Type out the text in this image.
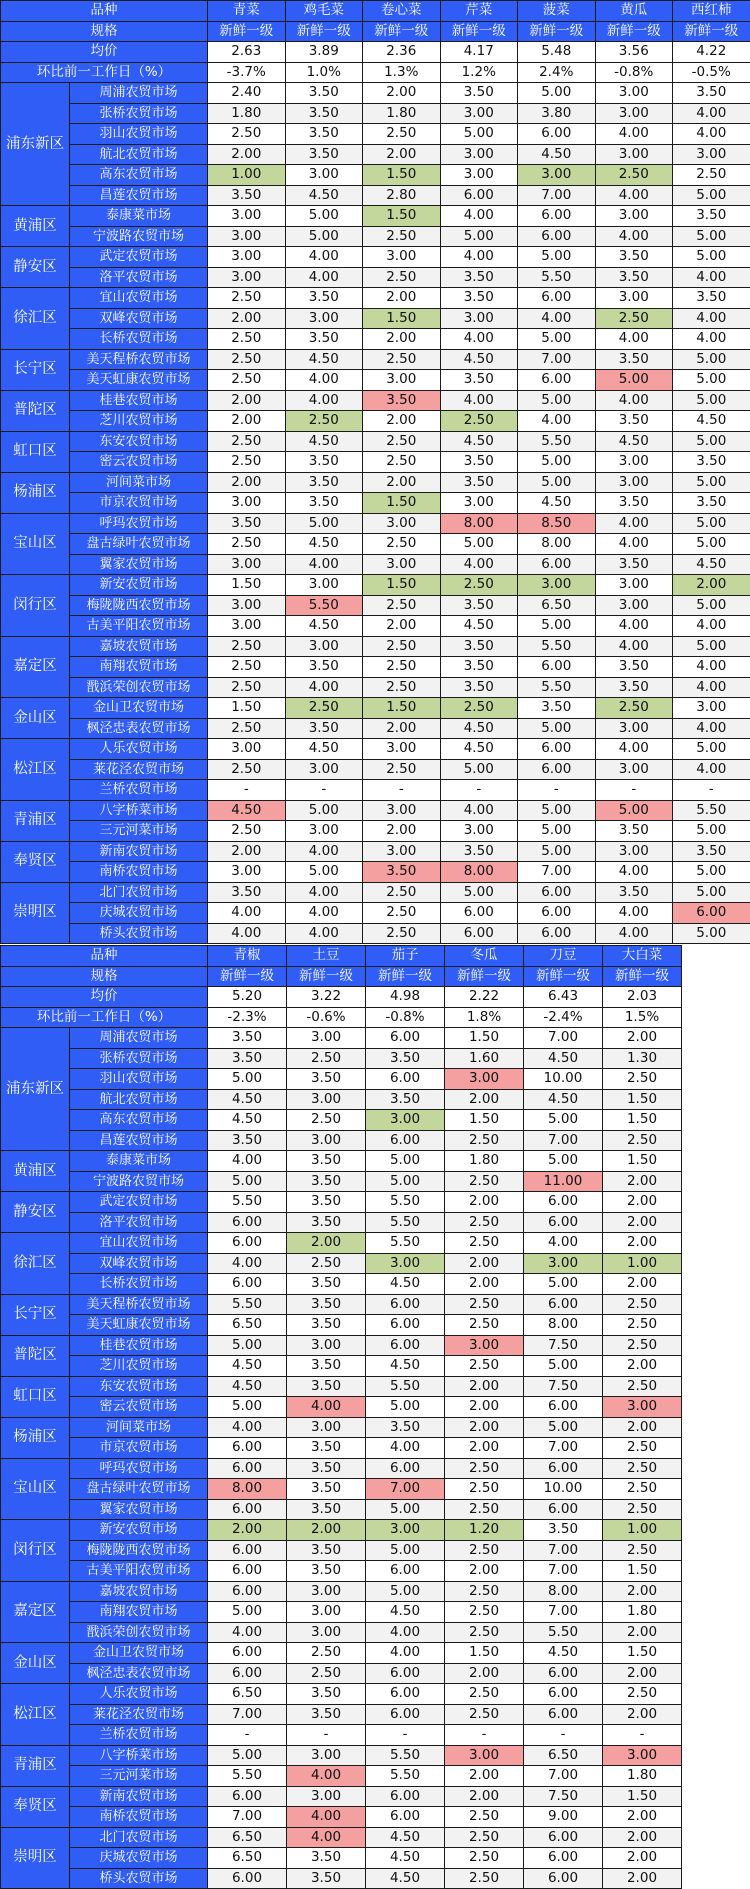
品种		青菜	鸡毛菜	卷心菜	芹菜	菠菜	黄瓜	西红柿
规格		新鲜一级	新鲜一级	新鲜一级	新鲜一级	新鲜一级	新鲜一级	新鲜一级
均价		2.63	3.89	2.36	4.17	5.48	3.56	4.22
环比前一工作日（%）		-3.7%	1.0%	1.3%	1.2%	2.4%	-0.8%	-0.5%
浦东新区	周浦农贸市场	2.40	3.50	2.00	3.50	5.00	3.00	3.50
	张桥农贸市场	1.80	3.50	1.80	3.00	3.80	3.00	4.00
	羽山农贸市场	2.50	3.50	2.50	5.00	6.00	4.00	4.00
	航北农贸市场	2.00	3.50	2.00	3.00	4.50	3.00	3.00
	高东农贸市场	1.00	3.00	1.50	3.00	3.00	2.50	2.50
	昌莲农贸市场	3.50	4.50	2.80	6.00	7.00	4.00	5.00
黄浦区	泰康菜市场	3.00	5.00	1.50	4.00	6.00	3.00	3.50
	宁波路农贸市场	3.00	5.00	2.50	5.00	6.00	4.00	5.00
静安区	武定农贸市场	3.00	4.00	3.00	4.00	5.00	3.50	5.00
	洛平农贸市场	3.00	4.00	2.50	3.50	5.50	3.50	4.00
徐汇区	宜山农贸市场	2.50	3.50	2.00	3.50	6.00	3.00	3.50
	双峰农贸市场	2.00	3.00	1.50	3.00	4.00	2.50	4.00
	长桥农贸市场	2.50	3.50	2.00	4.00	5.00	4.00	4.00
长宁区	美天程桥农贸市场	2.50	4.50	2.50	4.50	7.00	3.50	5.00
	美天虹康农贸市场	2.50	4.00	3.00	3.50	6.00	5.00	5.00
普陀区	桂巷农贸市场	2.00	4.00	3.50	4.00	5.00	4.00	5.00
	芝川农贸市场	2.00	2.50	2.00	2.50	4.00	3.50	4.50
虹口区	东安农贸市场	2.50	4.50	2.50	4.50	5.50	4.50	5.00
	密云农贸市场	2.50	3.50	2.50	3.50	5.00	3.00	3.50
杨浦区	河间菜市场	2.00	3.50	2.00	3.50	5.00	3.00	5.00
	市京农贸市场	3.00	3.50	1.50	3.00	4.50	3.50	3.50
宝山区	呼玛农贸市场	3.50	5.00	3.00	8.00	8.50	4.00	5.00
	盘古绿叶农贸市场	2.50	4.50	2.50	5.00	8.00	4.00	5.00
	翼家农贸市场	3.00	4.00	3.00	4.00	6.00	3.50	4.50
闵行区	新安农贸市场	1.50	3.00	1.50	2.50	3.00	3.00	2.00
	梅陇陇西农贸市场	3.00	5.50	2.50	3.50	6.50	3.00	5.00
	古美平阳农贸市场	3.00	4.50	2.00	4.50	5.00	4.00	4.00
嘉定区	嘉坡农贸市场	2.50	3.00	2.50	3.50	5.50	4.00	5.00
	南翔农贸市场	2.50	3.50	2.50	3.50	6.00	3.50	4.00
	戬浜荣创农贸市场	2.50	4.00	2.50	3.50	5.50	3.50	4.00
金山区	金山卫农贸市场	1.50	2.50	1.50	2.50	3.50	2.50	3.00
	枫泾忠表农贸市场	2.50	3.50	2.00	4.50	5.00	3.00	4.00
松江区	人乐农贸市场	3.00	4.50	3.00	4.50	6.00	4.00	5.00
	莱花泾农贸市场	2.50	3.00	2.50	5.00	6.00	3.00	4.00
	兰桥农贸市场	-	-	-	-	-	-	-
青浦区	八字桥菜市场	4.50	5.00	3.00	4.00	5.00	5.00	5.50
	三元河菜市场	2.50	3.00	2.00	3.00	5.00	3.50	5.00
奉贤区	新南农贸市场	2.00	4.00	3.00	3.50	5.00	3.00	3.50
	南桥农贸市场	3.00	5.00	3.50	8.00	7.00	4.00	5.00
崇明区	北门农贸市场	3.50	4.00	2.50	5.00	6.00	3.50	5.00
	庆城农贸市场	4.00	4.00	2.50	6.00	6.00	4.00	6.00
	桥头农贸市场	4.00	4.00	2.50	6.00	6.00	4.00	5.00
品种		青椒	土豆	茄子	冬瓜	刀豆	大白菜
规格		新鲜一级	新鲜一级	新鲜一级	新鲜一级	新鲜一级	新鲜一级
均价		5.20	3.22	4.98	2.22	6.43	2.03
环比前一工作日（%）		-2.3%	-0.6%	-0.8%	1.8%	-2.4%	1.5%
浦东新区	周浦农贸市场	3.50	3.00	6.00	1.50	7.00	2.00
	张桥农贸市场	3.50	2.50	3.50	1.60	4.50	1.30
	羽山农贸市场	5.00	3.50	6.00	3.00	10.00	2.50
	航北农贸市场	4.50	3.00	3.50	2.00	4.50	1.50
	高东农贸市场	4.50	2.50	3.00	1.50	5.00	1.50
	昌莲农贸市场	3.50	3.00	6.00	2.50	7.00	2.50
黄浦区	泰康菜市场	4.00	3.50	5.00	1.80	5.00	1.50
	宁波路农贸市场	5.00	3.50	5.00	2.50	11.00	2.00
静安区	武定农贸市场	5.50	3.50	5.50	2.00	6.00	2.00
	洛平农贸市场	6.00	3.50	5.50	2.50	6.00	2.00
徐汇区	宜山农贸市场	6.00	2.00	5.50	2.50	4.00	2.00
	双峰农贸市场	4.00	2.50	3.00	2.00	3.00	1.00
	长桥农贸市场	6.00	3.50	4.50	2.00	5.00	2.00
长宁区	美天程桥农贸市场	5.50	3.50	6.00	2.50	6.00	2.50
	美天虹康农贸市场	6.50	3.50	6.00	2.50	8.00	2.50
普陀区	桂巷农贸市场	5.00	3.00	6.00	3.00	7.50	2.50
	芝川农贸市场	4.50	3.50	4.50	2.50	5.00	2.00
虹口区	东安农贸市场	4.50	3.50	5.50	2.00	7.50	2.50
	密云农贸市场	5.00	4.00	5.00	2.00	6.00	3.00
杨浦区	河间菜市场	4.00	3.00	3.50	2.00	5.00	2.00
	市京农贸市场	6.00	3.50	4.00	2.00	7.00	2.50
宝山区	呼玛农贸市场	6.00	3.50	6.00	2.50	6.00	2.50
	盘古绿叶农贸市场	8.00	3.50	7.00	2.50	10.00	2.50
	翼家农贸市场	6.00	3.50	5.00	2.50	6.00	2.50
闵行区	新安农贸市场	2.00	2.00	3.00	1.20	3.50	1.00
	梅陇陇西农贸市场	6.00	3.50	5.00	2.50	7.00	2.50
	古美平阳农贸市场	6.00	3.50	6.00	2.00	7.00	1.50
嘉定区	嘉坡农贸市场	6.00	3.00	5.00	2.50	8.00	2.00
	南翔农贸市场	5.00	3.00	4.50	2.50	7.00	1.80
	戬浜荣创农贸市场	4.00	3.00	4.00	2.50	5.50	2.00
金山区	金山卫农贸市场	6.00	2.50	4.00	1.50	4.50	1.50
	枫泾忠表农贸市场	6.00	2.50	6.00	2.00	6.00	2.00
松江区	人乐农贸市场	6.50	3.50	6.00	2.50	6.00	2.50
	莱花泾农贸市场	7.00	3.50	6.00	2.50	6.00	2.00
	兰桥农贸市场	-	-	-	-	-	-
青浦区	八字桥菜市场	5.00	3.00	5.50	3.00	6.50	3.00
	三元河菜市场	5.50	4.00	5.50	2.00	7.00	1.80
奉贤区	新南农贸市场	6.00	3.00	6.00	2.00	7.50	1.50
	南桥农贸市场	7.00	4.00	6.00	2.50	9.00	2.00
崇明区	北门农贸市场	6.50	4.00	4.50	2.50	6.00	2.00
	庆城农贸市场	6.50	3.50	4.50	2.50	6.00	2.00
	桥头农贸市场	6.00	3.50	4.50	2.50	6.00	2.00
